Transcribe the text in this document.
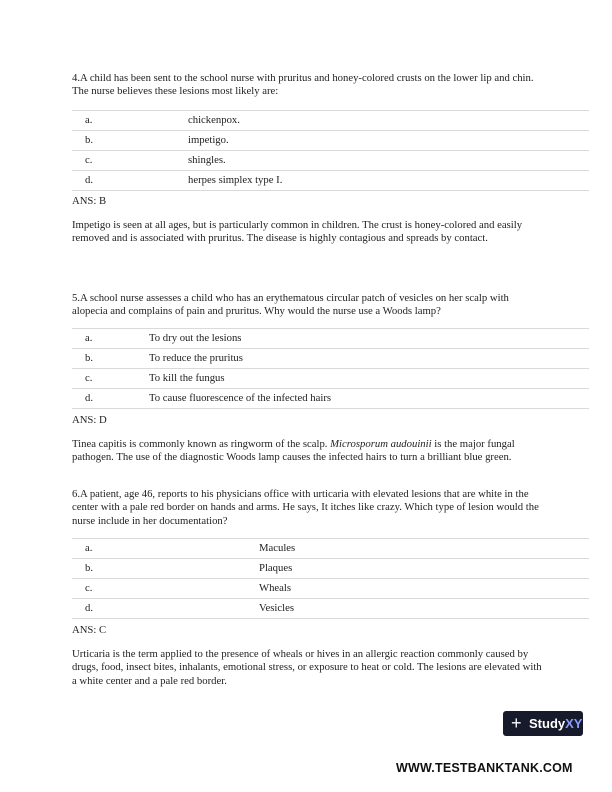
4.A child has been sent to the school nurse with pruritus and honey-colored crusts on the lower lip and chin. The nurse believes these lesions most likely are:
a.	chickenpox.
b.	impetigo.
c.	shingles.
d.	herpes simplex type I.
ANS: B
Impetigo is seen at all ages, but is particularly common in children. The crust is honey-colored and easily removed and is associated with pruritus. The disease is highly contagious and spreads by contact.
5.A school nurse assesses a child who has an erythematous circular patch of vesicles on her scalp with alopecia and complains of pain and pruritus. Why would the nurse use a Woods lamp?
a.	To dry out the lesions
b.	To reduce the pruritus
c.	To kill the fungus
d.	To cause fluorescence of the infected hairs
ANS: D
Tinea capitis is commonly known as ringworm of the scalp. Microsporum audouinii is the major fungal pathogen. The use of the diagnostic Woods lamp causes the infected hairs to turn a brilliant blue green.
6.A patient, age 46, reports to his physicians office with urticaria with elevated lesions that are white in the center with a pale red border on hands and arms. He says, It itches like crazy. Which type of lesion would the nurse include in her documentation?
a.	Macules
b.	Plaques
c.	Wheals
d.	Vesicles
ANS: C
Urticaria is the term applied to the presence of wheals or hives in an allergic reaction commonly caused by drugs, food, insect bites, inhalants, emotional stress, or exposure to heat or cold. The lesions are elevated with a white center and a pale red border.
+ StudyXY
WWW.TESTBANKTANK.COM
